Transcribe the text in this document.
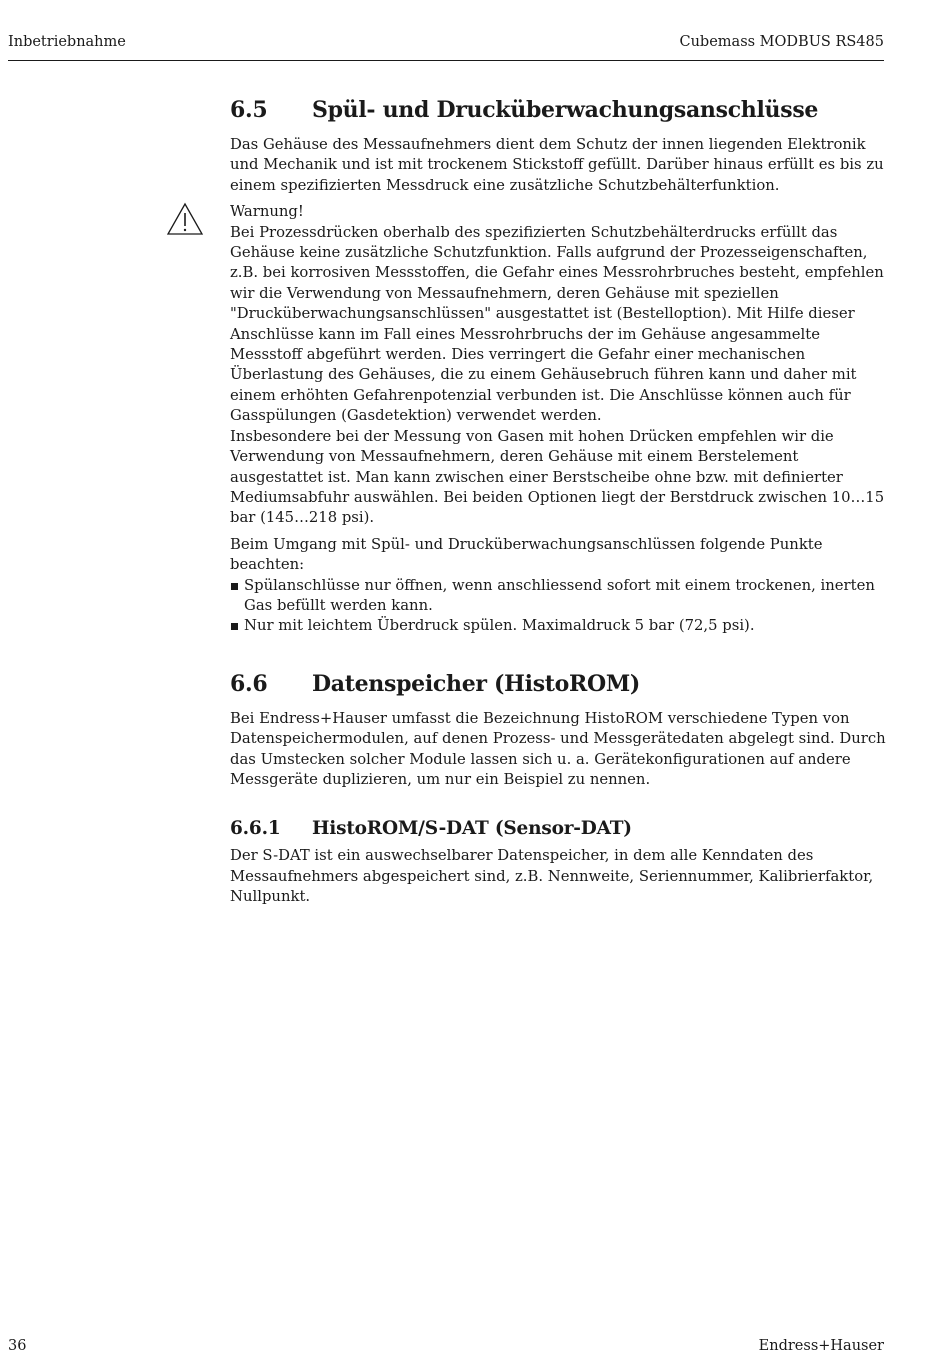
Inbetriebnahme	Cubemass MODBUS RS485
6.5 Spül- und Drucküberwachungsanschlüsse

Das Gehäuse des Messaufnehmers dient dem Schutz der innen liegenden Elektronik und Mechanik und ist mit trockenem Stickstoff gefüllt. Darüber hinaus erfüllt es bis zu einem spezifizierten Messdruck eine zusätzliche Schutzbehälterfunktion.

Warnung!

Bei Prozessdrücken oberhalb des spezifizierten Schutzbehälterdrucks erfüllt das Gehäuse keine zusätzliche Schutzfunktion. Falls aufgrund der Prozesseigenschaften, z.B. bei korrosiven Messstoffen, die Gefahr eines Messrohrbruches besteht, empfehlen wir die Verwendung von Messaufnehmern, deren Gehäuse mit speziellen "Drucküberwachungsanschlüssen" ausgestattet ist (Bestelloption). Mit Hilfe dieser Anschlüsse kann im Fall eines Messrohrbruchs der im Gehäuse angesammelte Messstoff abgeführt werden. Dies verringert die Gefahr einer mechanischen Überlastung des Gehäuses, die zu einem Gehäusebruch führen kann und daher mit einem erhöhten Gefahrenpotenzial verbunden ist. Die Anschlüsse können auch für Gasspülungen (Gasdetektion) verwendet werden.

Insbesondere bei der Messung von Gasen mit hohen Drücken empfehlen wir die Verwendung von Messaufnehmern, deren Gehäuse mit einem Berstelement ausgestattet ist. Man kann zwischen einer Berstscheibe ohne bzw. mit definierter Mediumsabfuhr auswählen. Bei beiden Optionen liegt der Berstdruck zwischen 10…15 bar (145…218 psi).

Beim Umgang mit Spül- und Drucküberwachungsanschlüssen folgende Punkte beachten:

Spülanschlüsse nur öffnen, wenn anschliessend sofort mit einem trockenen, inerten Gas befüllt werden kann.
Nur mit leichtem Überdruck spülen. Maximaldruck 5 bar (72,5 psi).
6.6 Datenspeicher (HistoROM)

Bei Endress+Hauser umfasst die Bezeichnung HistoROM verschiedene Typen von Datenspeichermodulen, auf denen Prozess- und Messgerätedaten abgelegt sind. Durch das Umstecken solcher Module lassen sich u. a. Gerätekonfigurationen auf andere Messgeräte duplizieren, um nur ein Beispiel zu nennen.

6.6.1 HistoROM/S-DAT (Sensor-DAT)

Der S-DAT ist ein auswechselbarer Datenspeicher, in dem alle Kenndaten des Messaufnehmers abgespeichert sind, z.B. Nennweite, Seriennummer, Kalibrierfaktor, Nullpunkt.

36	Endress+Hauser
